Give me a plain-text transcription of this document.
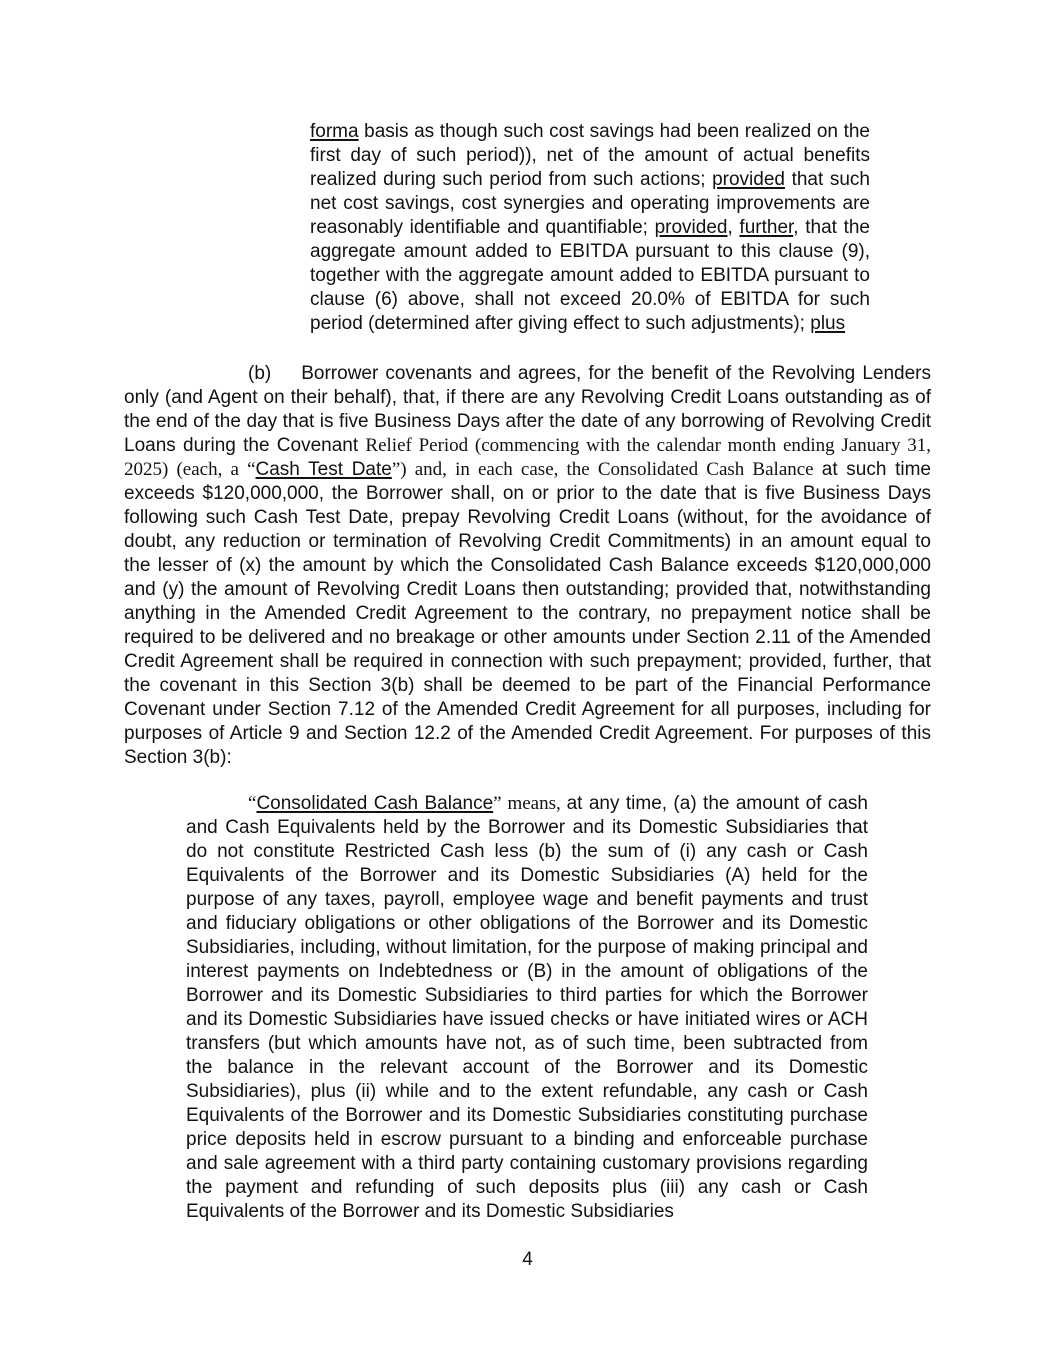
forma basis as though such cost savings had been realized on the first day of such period)), net of the amount of actual benefits realized during such period from such actions; provided that such net cost savings, cost synergies and operating improvements are reasonably identifiable and quantifiable; provided, further, that the aggregate amount added to EBITDA pursuant to this clause (9), together with the aggregate amount added to EBITDA pursuant to clause (6) above, shall not exceed 20.0% of EBITDA for such period (determined after giving effect to such adjustments); plus

(b) Borrower covenants and agrees, for the benefit of the Revolving Lenders only (and Agent on their behalf), that, if there are any Revolving Credit Loans outstanding as of the end of the day that is five Business Days after the date of any borrowing of Revolving Credit Loans during the Covenant Relief Period (commencing with the calendar month ending January 31, 2025) (each, a “Cash Test Date”) and, in each case, the Consolidated Cash Balance at such time exceeds $120,000,000, the Borrower shall, on or prior to the date that is five Business Days following such Cash Test Date, prepay Revolving Credit Loans (without, for the avoidance of doubt, any reduction or termination of Revolving Credit Commitments) in an amount equal to the lesser of (x) the amount by which the Consolidated Cash Balance exceeds $120,000,000 and (y) the amount of Revolving Credit Loans then outstanding; provided that, notwithstanding anything in the Amended Credit Agreement to the contrary, no prepayment notice shall be required to be delivered and no breakage or other amounts under Section 2.11 of the Amended Credit Agreement shall be required in connection with such prepayment; provided, further, that the covenant in this Section 3(b) shall be deemed to be part of the Financial Performance Covenant under Section 7.12 of the Amended Credit Agreement for all purposes, including for purposes of Article 9 and Section 12.2 of the Amended Credit Agreement. For purposes of this Section 3(b):

“Consolidated Cash Balance” means, at any time, (a) the amount of cash and Cash Equivalents held by the Borrower and its Domestic Subsidiaries that do not constitute Restricted Cash less (b) the sum of (i) any cash or Cash Equivalents of the Borrower and its Domestic Subsidiaries (A) held for the purpose of any taxes, payroll, employee wage and benefit payments and trust and fiduciary obligations or other obligations of the Borrower and its Domestic Subsidiaries, including, without limitation, for the purpose of making principal and interest payments on Indebtedness or (B) in the amount of obligations of the Borrower and its Domestic Subsidiaries to third parties for which the Borrower and its Domestic Subsidiaries have issued checks or have initiated wires or ACH transfers (but which amounts have not, as of such time, been subtracted from the balance in the relevant account of the Borrower and its Domestic Subsidiaries), plus (ii) while and to the extent refundable, any cash or Cash Equivalents of the Borrower and its Domestic Subsidiaries constituting purchase price deposits held in escrow pursuant to a binding and enforceable purchase and sale agreement with a third party containing customary provisions regarding the payment and refunding of such deposits plus (iii) any cash or Cash Equivalents of the Borrower and its Domestic Subsidiaries

4
